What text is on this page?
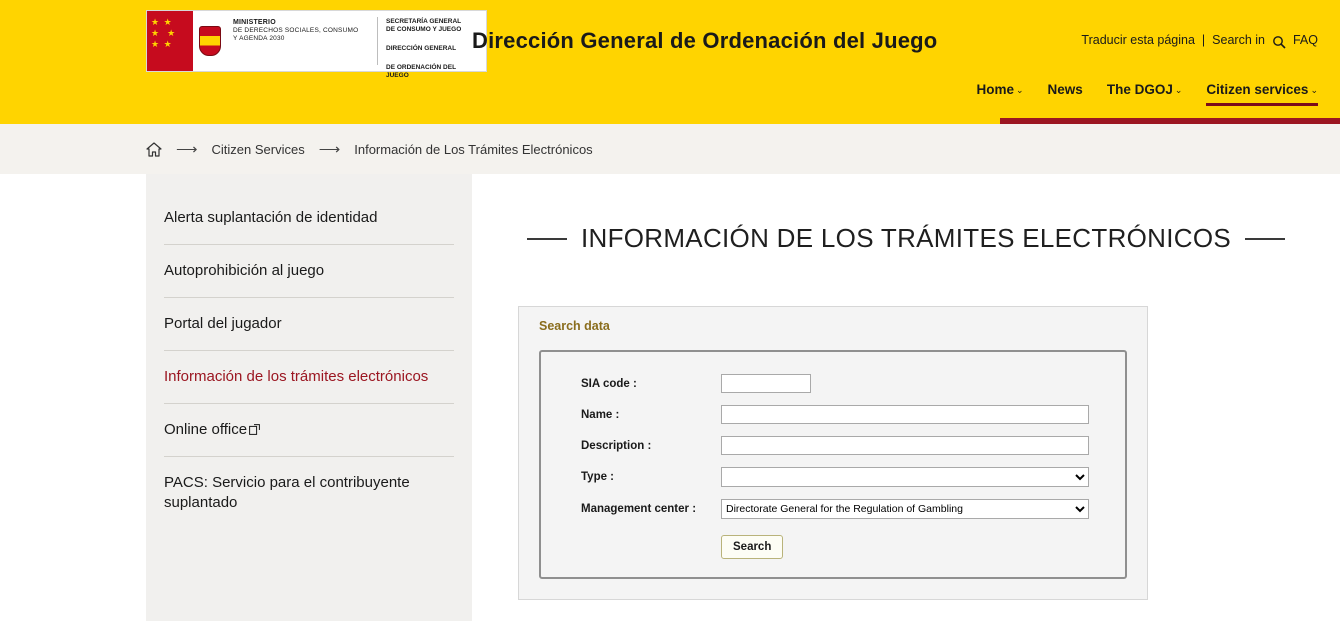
★ ★
★  ★
★ ★
MINISTERIO
DE DERECHOS SOCIALES, CONSUMO
Y AGENDA 2030
SECRETARÍA GENERAL
DE CONSUMO Y JUEGO
DIRECCIÓN GENERAL
DE ORDENACIÓN DEL
JUEGO
Dirección General de Ordenación del Juego	Traducir esta página | Search in FAQ
Home ⌄ News The DGOJ ⌄ Citizen services ⌄
⟶ Citizen Services ⟶ Información de Los Trámites Electrónicos
Alerta suplantación de identidad
Autoprohibición al juego
Portal del jugador
Información de los trámites electrónicos
Online office
PACS: Servicio para el contribuyente suplantado
INFORMACIÓN DE LOS TRÁMITES ELECTRÓNICOS
Search data
SIA code :
Name :
Description :
Type :
Management center :
Directorate General for the Regulation of Gambling
Search
